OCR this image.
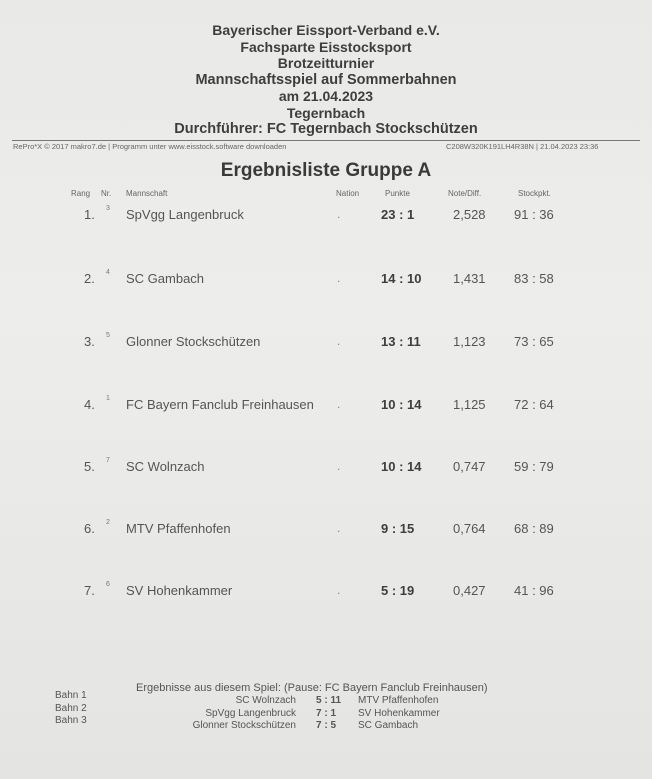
Bayerischer Eissport-Verband e.V.
Fachsparte Eisstocksport
Brotzeitturnier
Mannschaftsspiel auf Sommerbahnen
am 21.04.2023
Tegernbach
Durchführer: FC Tegernbach Stockschützen
RePro*X © 2017 makro7.de | Programm unter www.eisstock.software downloaden	C208W320K191LH4R38N | 21.04.2023 23:36
Ergebnisliste Gruppe A
Rang Nr. Mannschaft	Nation	Punkte	Note/Diff.	Stockpkt.
1. 3 SpVgg Langenbruck	.	23 : 1	2,528 91 : 36
2. 4 SC Gambach	.	14 : 10 1,431 83 : 58
3. 5 Glonner Stockschützen	.	13 : 11 1,123 73 : 65
4. 1 FC Bayern Fanclub Freinhausen .	10 : 14 1,125 72 : 64
5. 7 SC Wolnzach	.	10 : 14 0,747 59 : 79
6. 2 MTV Pfaffenhofen	.	9 : 15	0,764 68 : 89
7. 6 SV Hohenkammer	.	5 : 19	0,427 41 : 96
Ergebnisse aus diesem Spiel: (Pause: FC Bayern Fanclub Freinhausen)
Bahn 1	SC Wolnzach 5 : 11 MTV Pfaffenhofen
Bahn 2	SpVgg Langenbruck 7 : 1 SV Hohenkammer
Bahn 3	Glonner Stockschützen 7 : 5 SC Gambach
